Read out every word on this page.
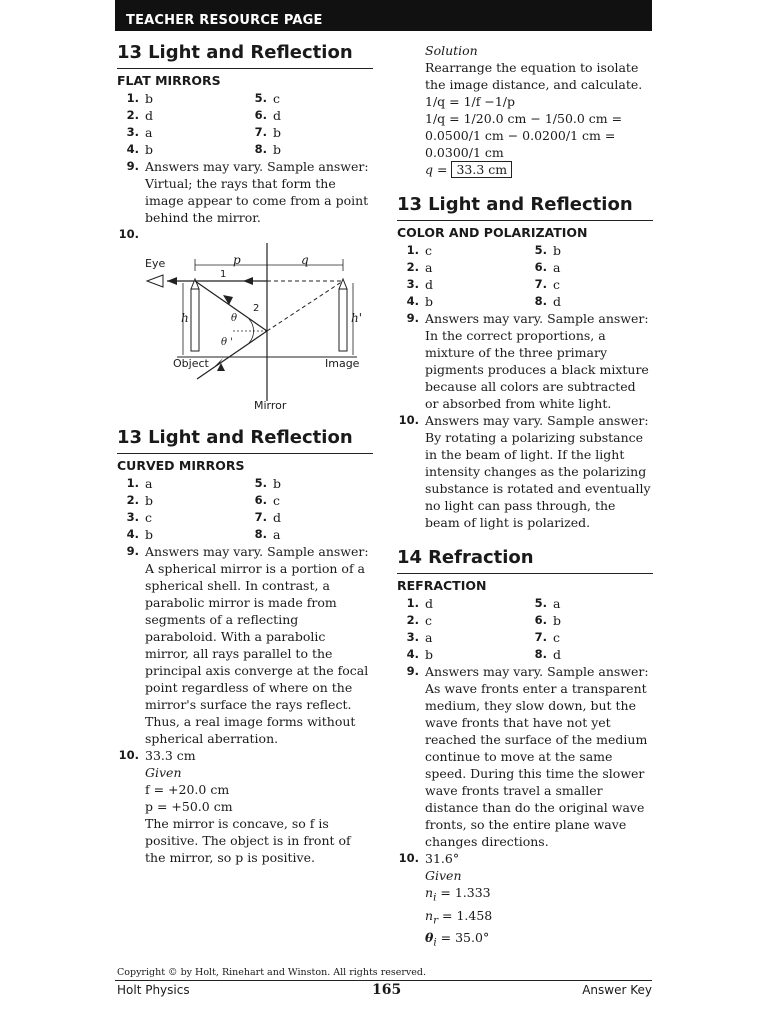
TEACHER RESOURCE PAGE
13 Light and Reflection
FLAT MIRRORS
1. b	5. c
2. d	6. d
3. a	7. b
4. b	8. b
9. Answers may vary. Sample answer: Virtual; the rays that form the image appear to come from a point behind the mirror.
10.
Eye	p	q
1
2
h	h'
θ
θ '
Object	Image
Mirror
13 Light and Reflection
CURVED MIRRORS
1. a	5. b
2. b	6. c
3. c	7. d
4. b	8. a
9. Answers may vary. Sample answer: A spherical mirror is a portion of a spherical shell. In contrast, a parabolic mirror is made from segments of a reflecting paraboloid. With a parabolic mirror, all rays parallel to the principal axis converge at the focal point regardless of where on the mirror's surface the rays reflect. Thus, a real image forms without spherical aberration.
10. 33.3 cm
Given
f = +20.0 cm
p = +50.0 cm
The mirror is concave, so f is positive. The object is in front of the mirror, so p is positive.
Solution
Rearrange the equation to isolate the image distance, and calculate.
1/q = 1/f −1/p
1/q = 1/20.0 cm − 1/50.0 cm =
0.0500/1 cm − 0.0200/1 cm =
0.0300/1 cm
q = 33.3 cm
13 Light and Reflection
COLOR AND POLARIZATION
1. c	5. b
2. a	6. a
3. d	7. c
4. b	8. d
9. Answers may vary. Sample answer: In the correct proportions, a mixture of the three primary pigments produces a black mixture because all colors are subtracted or absorbed from white light.
10. Answers may vary. Sample answer: By rotating a polarizing substance in the beam of light. If the light intensity changes as the polarizing substance is rotated and eventually no light can pass through, the beam of light is polarized.
14 Refraction
REFRACTION
1. d	5. a
2. c	6. b
3. a	7. c
4. b	8. d
9. Answers may vary. Sample answer: As wave fronts enter a transparent medium, they slow down, but the wave fronts that have not yet reached the surface of the medium continue to move at the same speed. During this time the slower wave fronts travel a smaller distance than do the original wave fronts, so the entire plane wave changes directions.
10. 31.6°
Given
$n_i = 1.333$
$n_r = 1.458$
$\theta_i = 35.0^\circ$
Copyright © by Holt, Rinehart and Winston. All rights reserved.
Holt Physics	165	Answer Key
